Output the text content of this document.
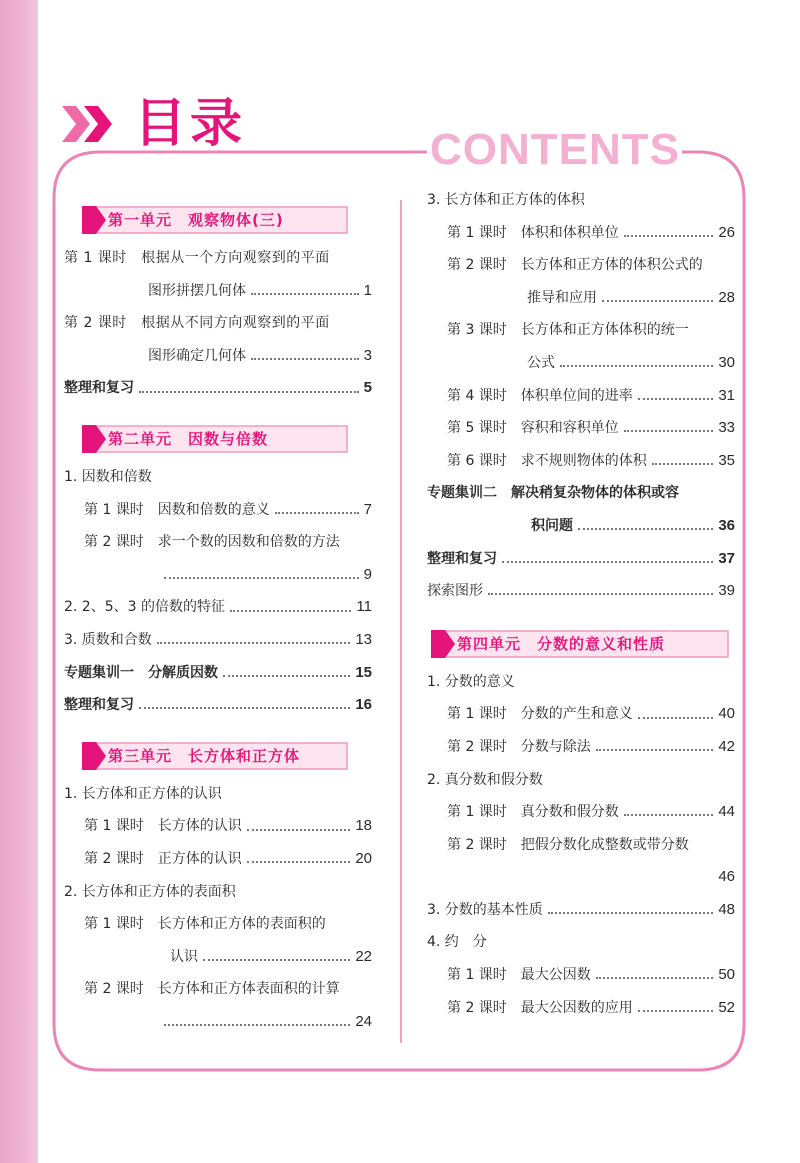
目录	CONTENTS
第一单元　观察物体(三)
第 1 课时　根据从一个方向观察到的平面
图形拼摆几何体	1
第 2 课时　根据从不同方向观察到的平面
图形确定几何体	3
整理和复习	5
第二单元　因数与倍数
1. 因数和倍数
第 1 课时　因数和倍数的意义	7
第 2 课时　求一个数的因数和倍数的方法
9
2. 2、5、3 的倍数的特征	11
3. 质数和合数	13
专题集训一　分解质因数	15
整理和复习	16
第三单元　长方体和正方体
1. 长方体和正方体的认识
第 1 课时　长方体的认识	18
第 2 课时　正方体的认识	20
2. 长方体和正方体的表面积
第 1 课时　长方体和正方体的表面积的
认识	22
第 2 课时　长方体和正方体表面积的计算
24
3. 长方体和正方体的体积
第 1 课时　体积和体积单位	26
第 2 课时　长方体和正方体的体积公式的
推导和应用	28
第 3 课时　长方体和正方体体积的统一
公式	30
第 4 课时　体积单位间的进率	31
第 5 课时　容积和容积单位	33
第 6 课时　求不规则物体的体积	35
专题集训二　解决稍复杂物体的体积或容
积问题	36
整理和复习	37
探索图形	39
第四单元　分数的意义和性质
1. 分数的意义
第 1 课时　分数的产生和意义	40
第 2 课时　分数与除法	42
2. 真分数和假分数
第 1 课时　真分数和假分数	44
第 2 课时　把假分数化成整数或带分数
46
3. 分数的基本性质	48
4. 约　分
第 1 课时　最大公因数	50
第 2 课时　最大公因数的应用	52
